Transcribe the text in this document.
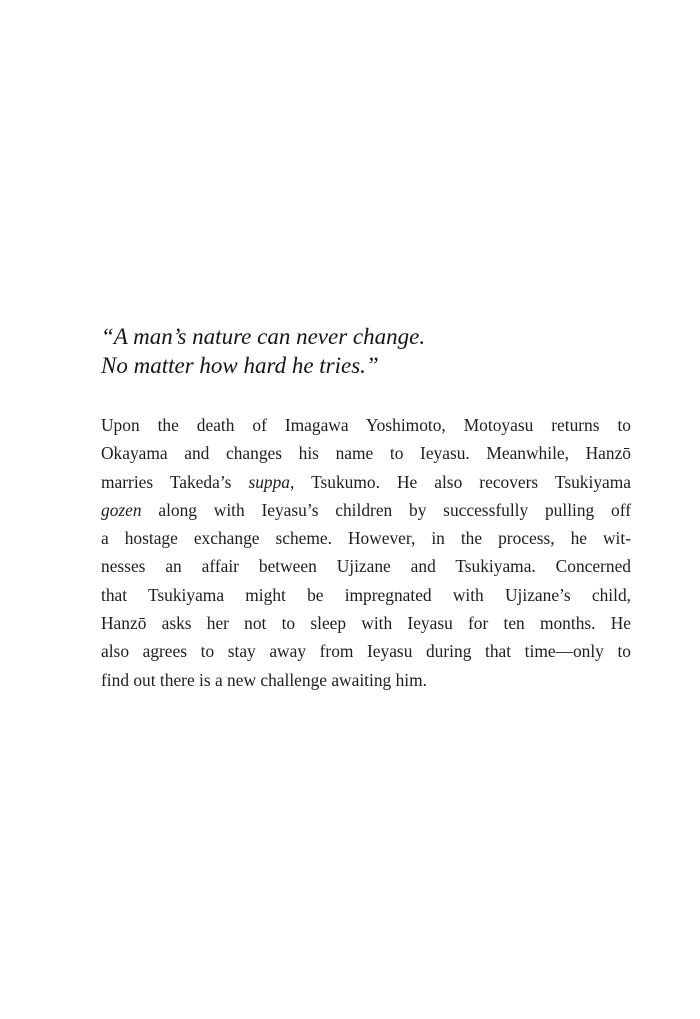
“A man’s nature can never change.
No matter how hard he tries.”
Upon the death of Imagawa Yoshimoto, Motoyasu returns to
Okayama and changes his name to Ieyasu. Meanwhile, Hanzō
marries Takeda’s suppa, Tsukumo. He also recovers Tsukiyama
gozen along with Ieyasu’s children by successfully pulling off
a hostage exchange scheme. However, in the process, he wit-
nesses an affair between Ujizane and Tsukiyama. Concerned
that Tsukiyama might be impregnated with Ujizane’s child,
Hanzō asks her not to sleep with Ieyasu for ten months. He
also agrees to stay away from Ieyasu during that time—only to
find out there is a new challenge awaiting him.
